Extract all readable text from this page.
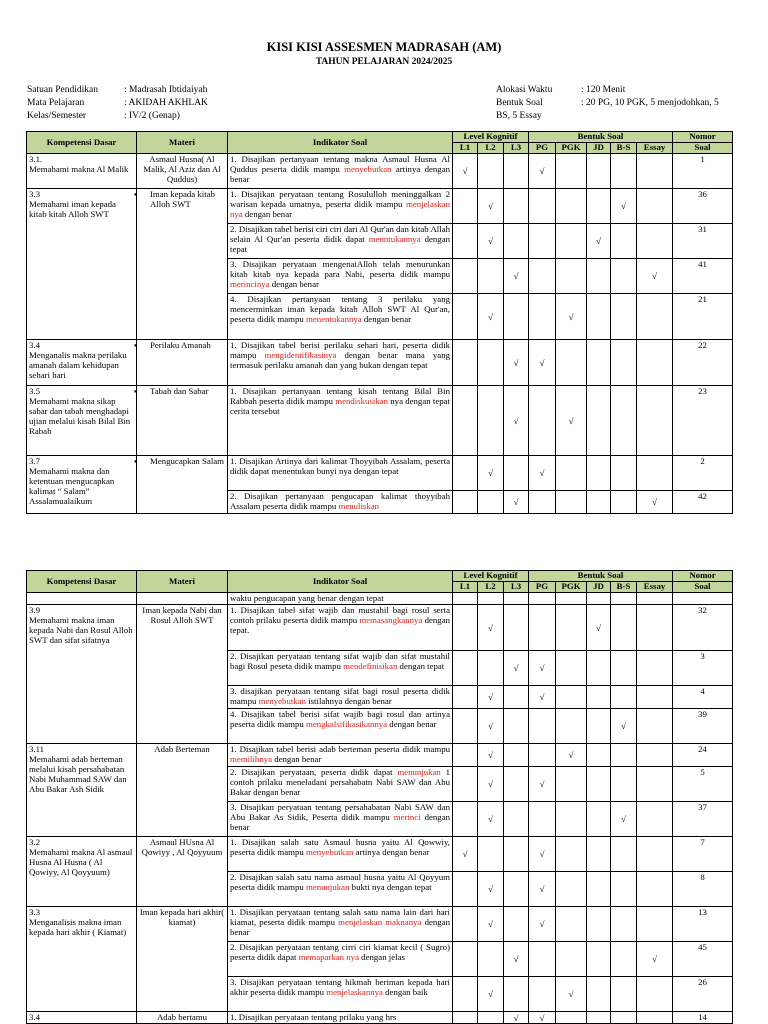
KISI KISI ASSESMEN MADRASAH (AM)
TAHUN PELAJARAN 2024/2025
Satuan Pendidikan	: Madrasah Ibtidaiyah
Mata Pelajaran	: AKIDAH AKHLAK
Kelas/Semester	: IV/2 (Genap)
Alokasi Waktu	: 120 Menit
Bentuk Soal	: 20 PG, 10 PGK, 5 menjodohkan, 5
BS, 5 Essay
Kompetensi Dasar	Materi	Indikator Soal	Level Kognitif			Bentuk Soal					Nomor
			L1	L2	L3	PG	PGK	JD	B-S	Essay	Soal

3.1.
Memahami makna Al Malik	Asmaul Husna( Al Malik, Al Aziz dan Al Quddus)	1. Disajikan pertanyaan tentang makna Asmaul Husna Al Quddus peserta didik mampu menyebutkan artinya dengan benar	√			√					1

3.3
Memahami iman kepada kitab kitab Alloh SWT	▪ Iman kepada kitab Alloh SWT	1. Disajikan peryataan tentang Rosululloh meninggalkan 2 warisan kepada umatnya, peserta didik mampu menjelaskan nya dengan benar		√					√		36
		2. Disajikan tabel berisi ciri ciri dari Al Qur'an dan kitab Allah selain Al Qur'an peserta didik dapat menntukannya dengan tepat		√				√			31
		3. Disajikan peryataan mengenaiAlloh telah menurunkan kitab kitab nya kepada para Nabi, peserta didik mampu merincinya dengan benar			√					√	41
		4. Disajikan pertanyaan tentang 3 perilaku yang mencerminkan iman kepada kitab Alloh SWT Al Qur'an, peserta didik mampu menentukannya dengan benar		√			√				21

3.4
Menganalis makna perilaku amanah dalam kehidupan sehari hari	▪ Perilaku Amanah	1. Disajikan tabel berisi perilaku sehari hari, peserta didik mampu mengidentifikasinya dengan benar mana yang termasuk perilaku amanah dan yang bukan dengan tepat			√	√					22

3.5
Memahami makna sikap sabar dan tabah menghadapi ujian melalui kisah Bilal Bin Rabah	▪ Tabah dan Sabar	1. Disajikan pertanyaan tentang kisah tentang Bilal Bin Rabbah peserta didik mampu mendiskusikan nya dengan tepat cerita tersebut			√		√				23

3.7
Memahami makna dan ketentuan mengucapkan kalimat “ Salam” Assalamualaikum	▪ Mengucapkan Salam	1. Disajikan Artinya dari kalimat Thoyyibah Assalam, peserta didik dapat menentukan bunyi nya dengan tepat		√		√					2
		2. Disajikan pertanyaan pengucapan kalimat thoyyibah Assalam peserta didik mampu menuliskan			√					√	42
Kompetensi Dasar	Materi	Indikator Soal	Level Kognitif			Bentuk Soal					Nomor
			L1	L2	L3	PG	PGK	JD	B-S	Essay	Soal
		waktu pengucapan yang benar dengan tepat									

3.9
Memahami makna iman kepada Nabi dan Rosul Alloh SWT dan sifat sifatnya	Iman kepada Nabi dan Rosul Alloh SWT	1. Disajikan tabel sifat wajib dan mustahil bagi rosul serta contoh prilaku peserta didik mampu memasangkannya dengan tepat.		√				√			32
		2. Disajikan peryataan tentang sifat wajib dan sifat mustahil bagi Rosul peseta didik mampu mendefinisikan dengan tepat			√	√					3
		3. disajikan peryataan tentang sifat bagi rosul peserta didik mampu menyebutkan istilahnya dengan benar		√		√					4
		4. Disajikan tabel berisi sifat wajib bagi rosul dan artinya peserta didik mampu mengkalsifikasikannya dengan benar		√					√		39

3.11
Memahami adab berteman melalui kisah persahabatan Nabi Muhammad SAW dan Abu Bakar Ash Sidik	Adab Berteman	1. Disajikan tabel berisi adab berteman peserta didik mampu memilihnya dengan benar		√			√				24
		2. Disajikan peryataan, peserta didik dapat menunjukan 1 contoh prilaku meneladani persahabatn Nabi SAW dan Abu Bakar dengan benar		√		√					5
		3. Disajikan peryataan tentang persahabatan Nabi SAW dan Abu Bakar As Sidik, Peserta didik mampu merinci dengan benar		√					√		37

3.2
Memahami makna Al asmaul Husna Al Husna ( Al Qowiyy, Al Qoyyuum)	Asmaul HUsna Al Qowiyy , Al Qoyyuum	1. Disajikan salah satu Asmaul husna yaitu Al Qowwiy, peserta didik mampu menyebutkan artinya dengan benar	√			√					7
		2. Disajikan salah satu nama asmaul husna yaitu Al Qoyyum peserta didik mampu menunjukan bukti nya dengan tepat		√		√					8

3.3
Menganalisis makna iman kepada hari akhir ( Kiamat)	Iman kepada hari akhir( kiamat)	1. Disajikan peryataan tentang salah satu nama lain dari hari kiamat, peserta didik mampu menjelaskan maknanya dengan benar		√		√					13
		2. Disajikan peryataan tentang cirri ciri kiamat kecil ( Sugro) peserta didik dapat memaparkan nya dengan jelas			√					√	45
		3. Disajikan peryataan tentang hikmah beriman kepada hari akhir peserta didik mampu menjelaskannya dengan baik		√			√				26

3.4	Adab bertamu	1. Disajikan peryataan tentang prilaku yang hrs			√	√					14
